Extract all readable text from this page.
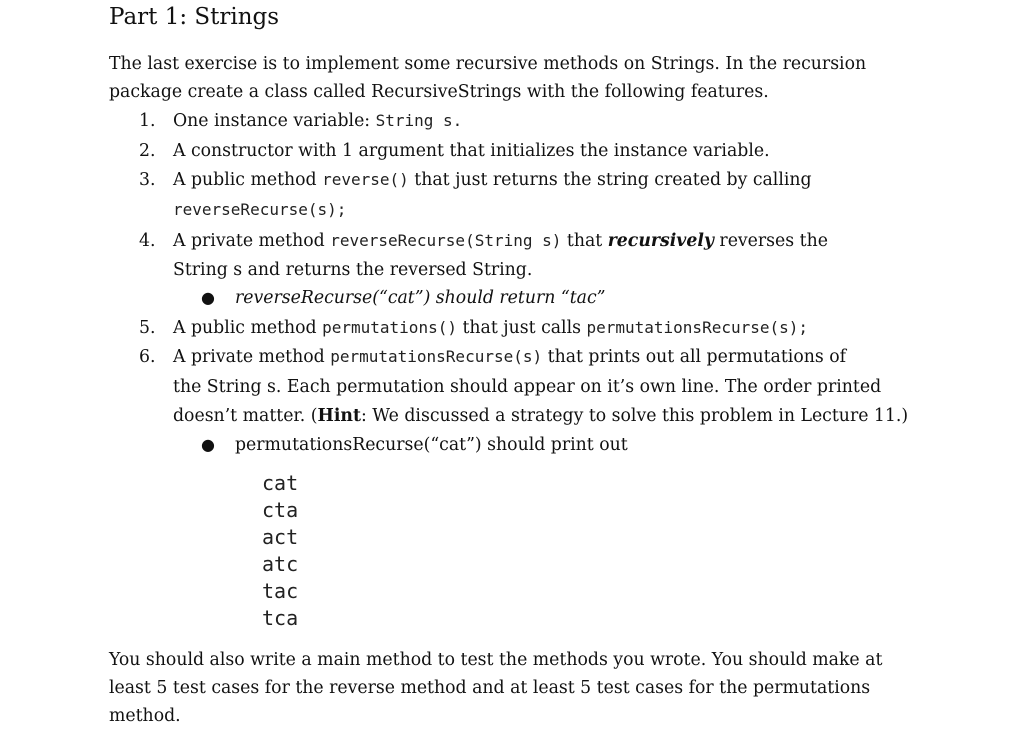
Part 1: Strings
The last exercise is to implement some recursive methods on Strings. In the recursion
package create a class called RecursiveStrings with the following features.
1. One instance variable: String s.
2. A constructor with 1 argument that initializes the instance variable.
3. A public method reverse() that just returns the string created by calling
reverseRecurse(s);
4. A private method reverseRecurse(String s) that recursively reverses the
String s and returns the reversed String.
● reverseRecurse(“cat”) should return “tac”
5. A public method permutations() that just calls permutationsRecurse(s);
6. A private method permutationsRecurse(s) that prints out all permutations of
the String s. Each permutation should appear on it’s own line. The order printed
doesn’t matter. (Hint: We discussed a strategy to solve this problem in Lecture 11.)
● permutationsRecurse(“cat”) should print out
cat
cta
act
atc
tac
tca
You should also write a main method to test the methods you wrote. You should make at
least 5 test cases for the reverse method and at least 5 test cases for the permutations
method.
